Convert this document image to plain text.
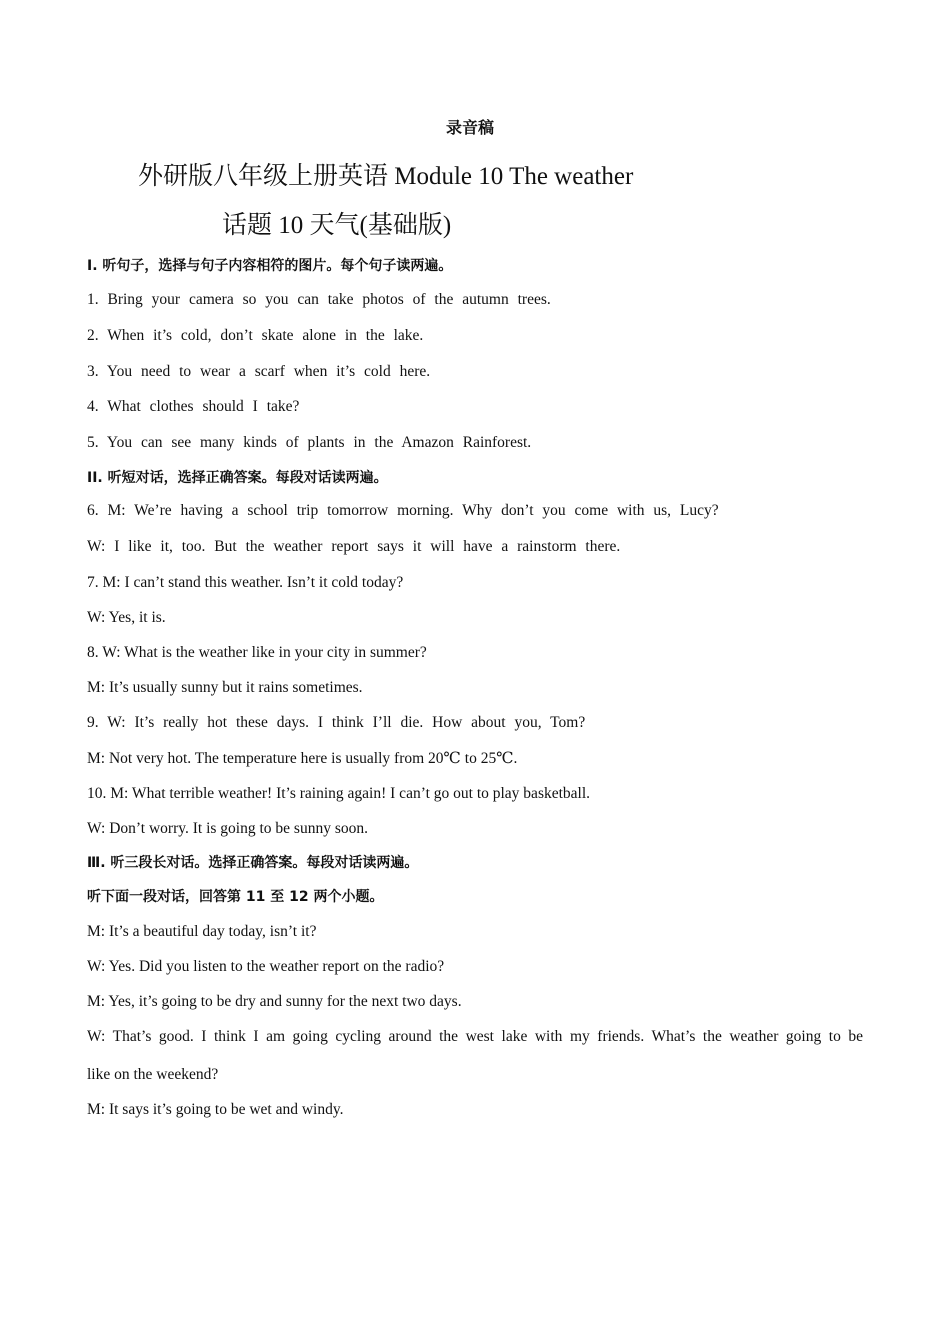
录音稿
外研版八年级上册英语 Module 10 The weather
话题 10 天气(基础版)
Ⅰ. 听句子，选择与句子内容相符的图片。每个句子读两遍。
1. Bring your camera so you can take photos of the autumn trees.
2. When it’s cold, don’t skate alone in the lake.
3. You need to wear a scarf when it’s cold here.
4. What clothes should I take?
5. You can see many kinds of plants in the Amazon Rainforest.
II. 听短对话，选择正确答案。每段对话读两遍。
6. M: We’re having a school trip tomorrow morning. Why don’t you come with us, Lucy?
W: I like it, too. But the weather report says it will have a rainstorm there.
7. M: I can’t stand this weather. Isn’t it cold today?
W: Yes, it is.
8. W: What is the weather like in your city in summer?
M: It’s usually sunny but it rains sometimes.
9. W: It’s really hot these days. I think I’ll die. How about you, Tom?
M: Not very hot. The temperature here is usually from 20℃ to 25℃.
10. M: What terrible weather! It’s raining again! I can’t go out to play basketball.
W: Don’t worry. It is going to be sunny soon.
Ⅲ. 听三段长对话。选择正确答案。每段对话读两遍。
听下面一段对话，回答第 11 至 12 两个小题。
M: It’s a beautiful day today, isn’t it?
W: Yes. Did you listen to the weather report on the radio?
M: Yes, it’s going to be dry and sunny for the next two days.
W: That’s good. I think I am going cycling around the west lake with my friends. What’s the weather going to be
like on the weekend?
M: It says it’s going to be wet and windy.
